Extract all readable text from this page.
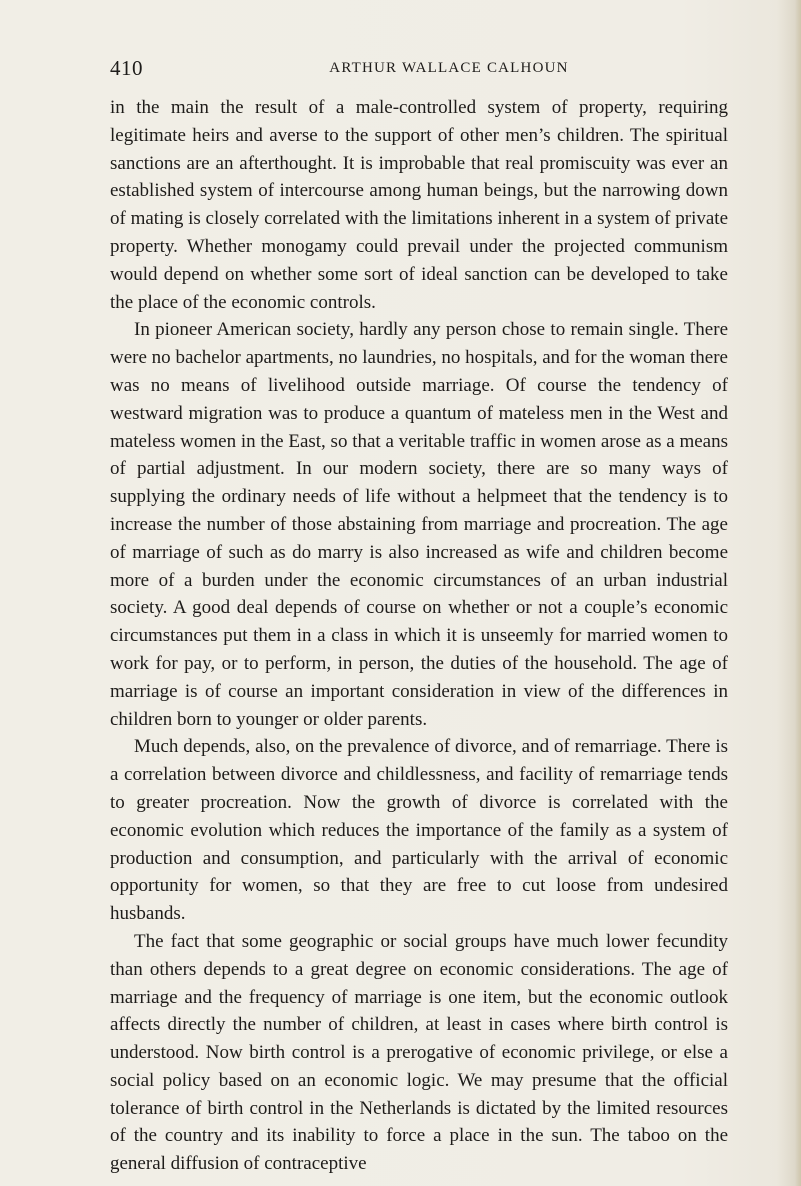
410	ARTHUR WALLACE CALHOUN

in the main the result of a male-controlled system of property, requiring legitimate heirs and averse to the support of other men’s children. The spiritual sanctions are an afterthought. It is improbable that real promiscuity was ever an established system of intercourse among human beings, but the narrowing down of mating is closely correlated with the limitations inherent in a system of private property. Whether monogamy could prevail under the projected communism would depend on whether some sort of ideal sanction can be developed to take the place of the economic controls.

In pioneer American society, hardly any person chose to remain single. There were no bachelor apartments, no laundries, no hospitals, and for the woman there was no means of livelihood outside marriage. Of course the tendency of westward migration was to produce a quantum of mateless men in the West and mateless women in the East, so that a veritable traffic in women arose as a means of partial adjustment. In our modern society, there are so many ways of supplying the ordinary needs of life without a helpmeet that the tendency is to increase the number of those abstaining from marriage and procreation. The age of marriage of such as do marry is also increased as wife and children become more of a burden under the economic circumstances of an urban industrial society. A good deal depends of course on whether or not a couple’s economic circumstances put them in a class in which it is unseemly for married women to work for pay, or to perform, in person, the duties of the household. The age of marriage is of course an important consideration in view of the differences in children born to younger or older parents.

Much depends, also, on the prevalence of divorce, and of remarriage. There is a correlation between divorce and childlessness, and facility of remarriage tends to greater procreation. Now the growth of divorce is correlated with the economic evolution which reduces the importance of the family as a system of production and consumption, and particularly with the arrival of economic opportunity for women, so that they are free to cut loose from undesired husbands.

The fact that some geographic or social groups have much lower fecundity than others depends to a great degree on economic considerations. The age of marriage and the frequency of marriage is one item, but the economic outlook affects directly the number of children, at least in cases where birth control is understood. Now birth control is a prerogative of economic privilege, or else a social policy based on an economic logic. We may presume that the official tolerance of birth control in the Netherlands is dictated by the limited resources of the country and its inability to force a place in the sun. The taboo on the general diffusion of contraceptive
